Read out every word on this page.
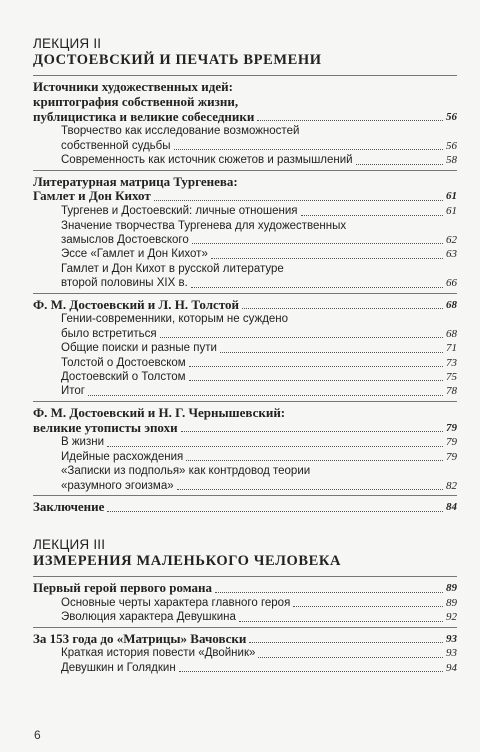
ЛЕКЦИЯ II
ДОСТОЕВСКИЙ И ПЕЧАТЬ ВРЕМЕНИ
Источники художественных идей:
криптография собственной жизни,
публицистика и великие собеседники	56
Творчество как исследование возможностей
собственной судьбы	56
Современность как источник сюжетов и размышлений	58
Литературная матрица Тургенева:
Гамлет и Дон Кихот	61
Тургенев и Достоевский: личные отношения	61
Значение творчества Тургенева для художественных
замыслов Достоевского	62
Эссе «Гамлет и Дон Кихот»	63
Гамлет и Дон Кихот в русской литературе
второй половины XIX в.	66
Ф. М. Достоевский и Л. Н. Толстой	68
Гении-современники, которым не суждено
было встретиться	68
Общие поиски и разные пути	71
Толстой о Достоевском	73
Достоевский о Толстом	75
Итог	78
Ф. М. Достоевский и Н. Г. Чернышевский:
великие утописты эпохи	79
В жизни	79
Идейные расхождения	79
«Записки из подполья» как контрдовод теории
«разумного эгоизма»	82
Заключение	84
ЛЕКЦИЯ III
ИЗМЕРЕНИЯ МАЛЕНЬКОГО ЧЕЛОВЕКА
Первый герой первого романа	89
Основные черты характера главного героя	89
Эволюция характера Девушкина	92
За 153 года до «Матрицы» Вачовски	93
Краткая история повести «Двойник»	93
Девушкин и Голядкин	94
6
